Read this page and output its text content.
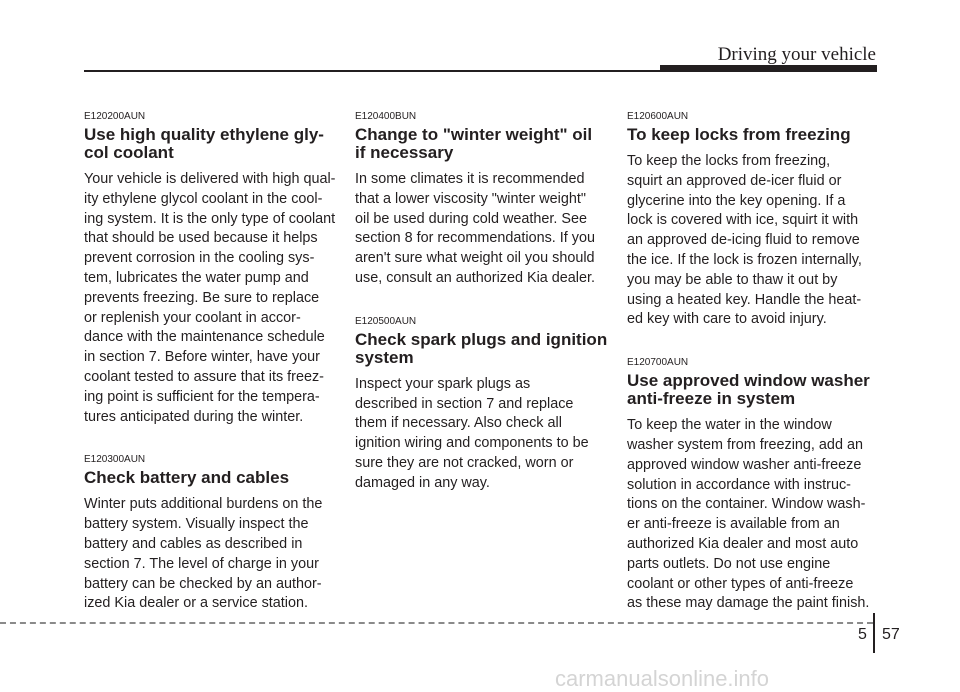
Driving your vehicle
E120200AUN
Use high quality ethylene gly-
col coolant
Your vehicle is delivered with high qual-
ity ethylene glycol coolant in the cool-
ing system. It is the only type of coolant
that should be used because it helps
prevent corrosion in the cooling sys-
tem, lubricates the water pump and
prevents freezing. Be sure to replace
or replenish your coolant in accor-
dance with the maintenance schedule
in section 7. Before winter, have your
coolant tested to assure that its freez-
ing point is sufficient for the tempera-
tures anticipated during the winter.
E120300AUN
Check battery and cables
Winter puts additional burdens on the
battery system. Visually inspect the
battery and cables as described in
section 7. The level of charge in your
battery can be checked by an author-
ized Kia dealer or a service station.
E120400BUN
Change to "winter weight" oil
if necessary
In some climates it is recommended
that a lower viscosity "winter weight"
oil be used during cold weather. See
section 8 for recommendations. If you
aren't sure what weight oil you should
use, consult an authorized Kia dealer.
E120500AUN
Check spark plugs and ignition
system
Inspect your spark plugs as
described in section 7 and replace
them if necessary. Also check all
ignition wiring and components to be
sure they are not cracked, worn or
damaged in any way.
E120600AUN
To keep locks from freezing
To keep the locks from freezing,
squirt an approved de-icer fluid or
glycerine into the key opening. If a
lock is covered with ice, squirt it with
an approved de-icing fluid to remove
the ice. If the lock is frozen internally,
you may be able to thaw it out by
using a heated key. Handle the heat-
ed key with care to avoid injury.
E120700AUN
Use approved window washer
anti-freeze in system
To keep the water in the window
washer system from freezing, add an
approved window washer anti-freeze
solution in accordance with instruc-
tions on the container. Window wash-
er anti-freeze is available from an
authorized Kia dealer and most auto
parts outlets. Do not use engine
coolant or other types of anti-freeze
as these may damage the paint finish.
5 57
carmanualsonline.info
